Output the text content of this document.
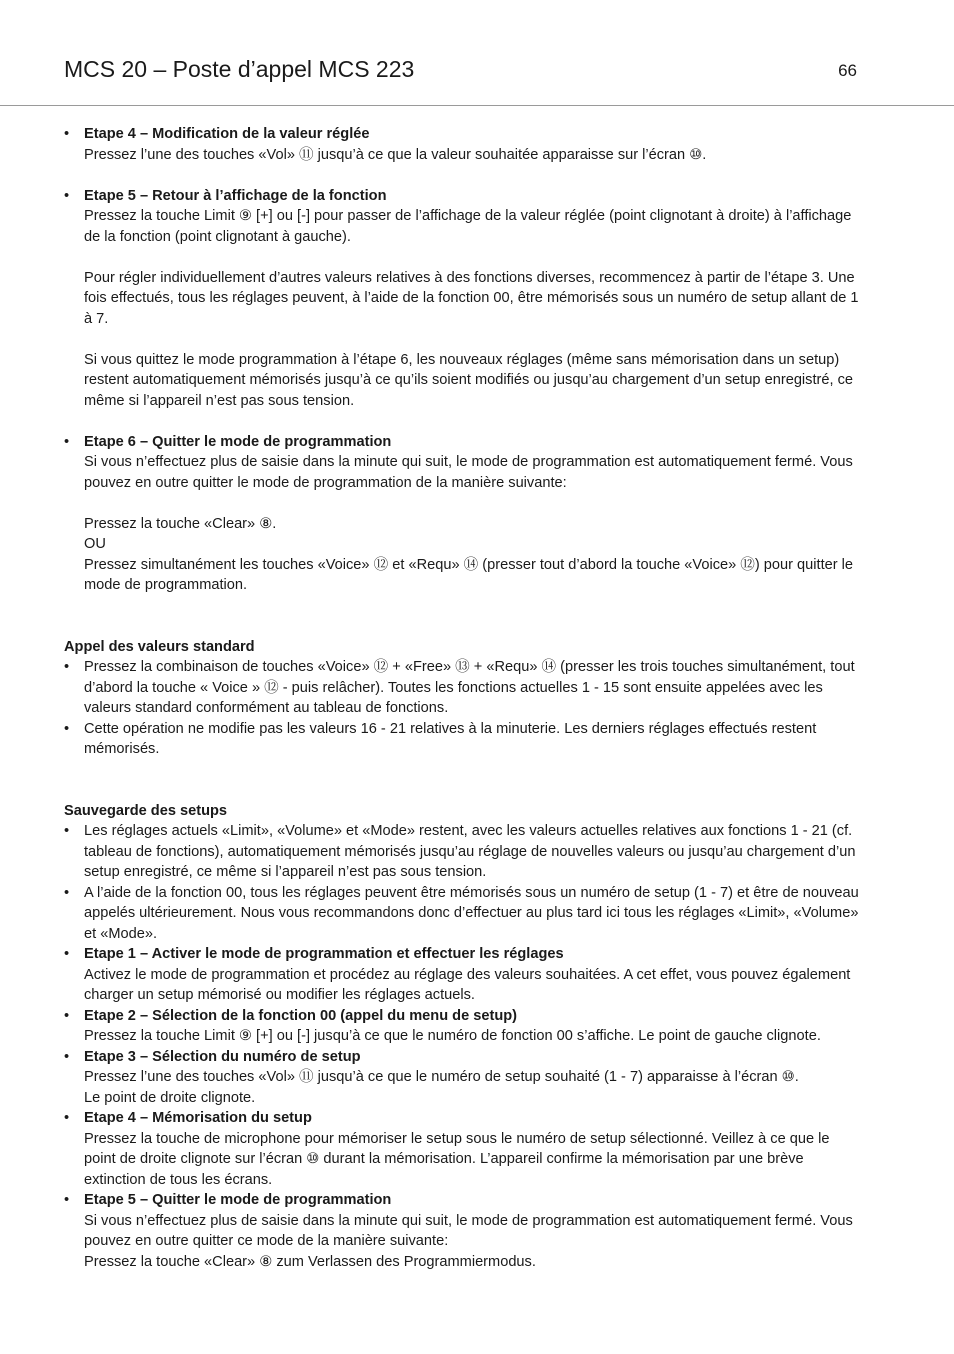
MCS 20 – Poste d’appel MCS 223	66
• Etape 4 – Modification de la valeur réglée

Pressez l’une des touches «Vol» ⑪ jusqu’à ce que la valeur souhaitée apparaisse sur l’écran ⑩.

• Etape 5 – Retour à l’affichage de la fonction

Pressez la touche Limit ⑨ [+] ou [-] pour passer de l’affichage de la valeur réglée (point clignotant à droite) à l’affichage de la fonction (point clignotant à gauche).

Pour régler individuellement d’autres valeurs relatives à des fonctions diverses, recommencez à partir de l’étape 3. Une fois effectués, tous les réglages peuvent, à l’aide de la fonction 00, être mémorisés sous un numéro de setup allant de 1 à 7.

Si vous quittez le mode programmation à l’étape 6, les nouveaux réglages (même sans mémorisation dans un setup) restent automatiquement mémorisés jusqu’à ce qu’ils soient modifiés ou jusqu’au chargement d’un setup enregistré, ce même si l’appareil n’est pas sous tension.

• Etape 6 – Quitter le mode de programmation

Si vous n’effectuez plus de saisie dans la minute qui suit, le mode de programmation est automatiquement fermé. Vous pouvez en outre quitter le mode de programmation de la manière suivante:

Pressez la touche «Clear» ⑧.

OU

Pressez simultanément les touches «Voice» ⑫ et «Requ» ⑭ (presser tout d’abord la touche «Voice» ⑫) pour quitter le mode de programmation.

Appel des valeurs standard

• Pressez la combinaison de touches «Voice» ⑫ + «Free» ⑬ + «Requ» ⑭ (presser les trois touches simultanément, tout d’abord la touche « Voice » ⑫ - puis relâcher). Toutes les fonctions actuelles 1 - 15 sont ensuite appelées avec les valeurs standard conformément au tableau de fonctions.

• Cette opération ne modifie pas les valeurs 16 - 21 relatives à la minuterie. Les derniers réglages effectués restent mémorisés.

Sauvegarde des setups

• Les réglages actuels «Limit», «Volume» et «Mode» restent, avec les valeurs actuelles relatives aux fonctions 1 - 21 (cf. tableau de fonctions), automatiquement mémorisés jusqu’au réglage de nouvelles valeurs ou jusqu’au chargement d’un setup enregistré, ce même si l’appareil n’est pas sous tension.

• A l’aide de la fonction 00, tous les réglages peuvent être mémorisés sous un numéro de setup (1 - 7) et être de nouveau appelés ultérieurement. Nous vous recommandons donc d’effectuer au plus tard ici tous les réglages «Limit», «Volume» et «Mode».

• Etape 1 – Activer le mode de programmation et effectuer les réglages

Activez le mode de programmation et procédez au réglage des valeurs souhaitées. A cet effet, vous pouvez également charger un setup mémorisé ou modifier les réglages actuels.

• Etape 2 – Sélection de la fonction 00 (appel du menu de setup)

Pressez la touche Limit ⑨ [+] ou [-] jusqu’à ce que le numéro de fonction 00 s’affiche. Le point de gauche clignote.

• Etape 3 – Sélection du numéro de setup

Pressez l’une des touches «Vol» ⑪ jusqu’à ce que le numéro de setup souhaité (1 - 7) apparaisse à l’écran ⑩.

Le point de droite clignote.

• Etape 4 – Mémorisation du setup

Pressez la touche de microphone pour mémoriser le setup sous le numéro de setup sélectionné. Veillez à ce que le point de droite clignote sur l’écran ⑩ durant la mémorisation. L’appareil confirme la mémorisation par une brève extinction de tous les écrans.

• Etape 5 – Quitter le mode de programmation

Si vous n’effectuez plus de saisie dans la minute qui suit, le mode de programmation est automatiquement fermé. Vous pouvez en outre quitter ce mode de la manière suivante:

Pressez la touche «Clear» ⑧ zum Verlassen des Programmiermodus.
